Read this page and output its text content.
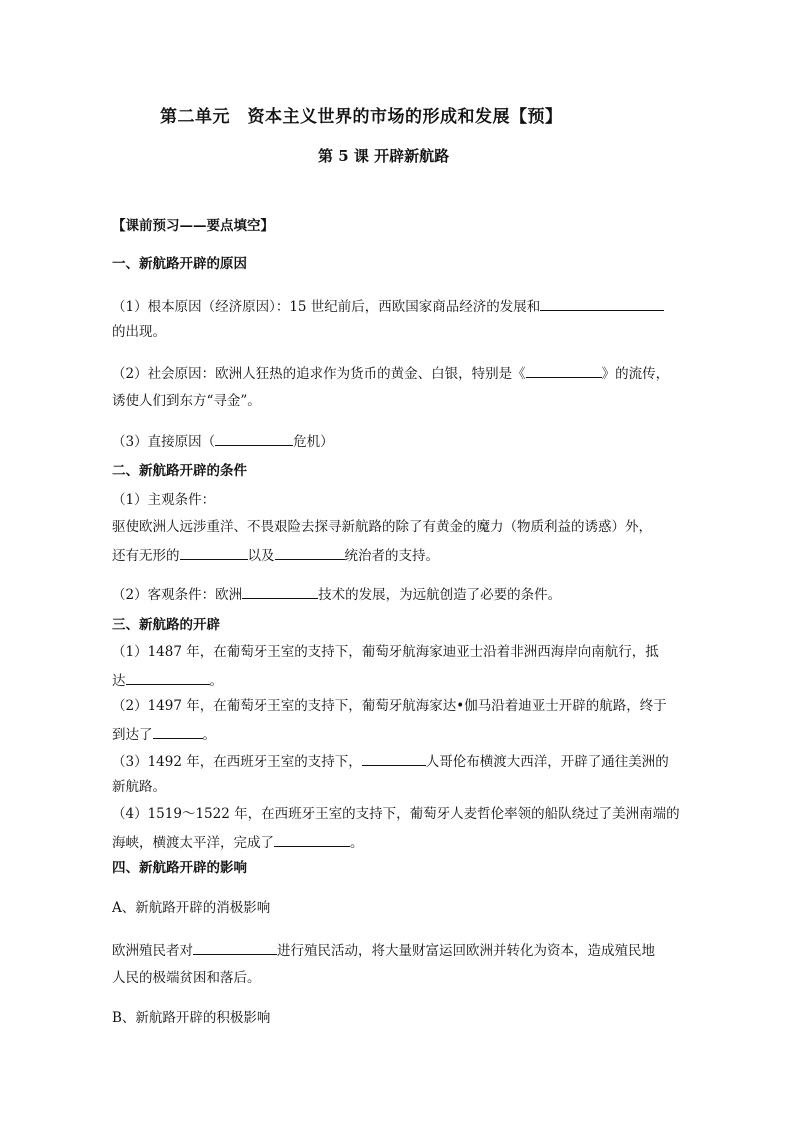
第二单元　资本主义世界的市场的形成和发展【预】
第 5 课 开辟新航路
【课前预习——要点填空】
一、新航路开辟的原因
（1）根本原因（经济原因）：15 世纪前后，西欧国家商品经济的发展和
的出现。
（2）社会原因：欧洲人狂热的追求作为货币的黄金、白银，特别是《	》的流传，
诱使人们到东方“寻金”。
（3）直接原因（	危机）
二、新航路开辟的条件
（1）主观条件：
驱使欧洲人远涉重洋、不畏艰险去探寻新航路的除了有黄金的魔力（物质利益的诱惑）外，
还有无形的	以及	统治者的支持。
（2）客观条件：欧洲	技术的发展，为远航创造了必要的条件。
三、新航路的开辟
（1）1487 年，在葡萄牙王室的支持下，葡萄牙航海家迪亚士沿着非洲西海岸向南航行，抵
达	。
（2）1497 年，在葡萄牙王室的支持下，葡萄牙航海家达•伽马沿着迪亚士开辟的航路，终于
到达了	。
（3）1492 年，在西班牙王室的支持下，	人哥伦布横渡大西洋，开辟了通往美洲的
新航路。
（4）1519～1522 年，在西班牙王室的支持下，葡萄牙人麦哲伦率领的船队绕过了美洲南端的
海峡，横渡太平洋，完成了	。
四、新航路开辟的影响
A、新航路开辟的消极影响
欧洲殖民者对	进行殖民活动，将大量财富运回欧洲并转化为资本，造成殖民地
人民的极端贫困和落后。
B、新航路开辟的积极影响
